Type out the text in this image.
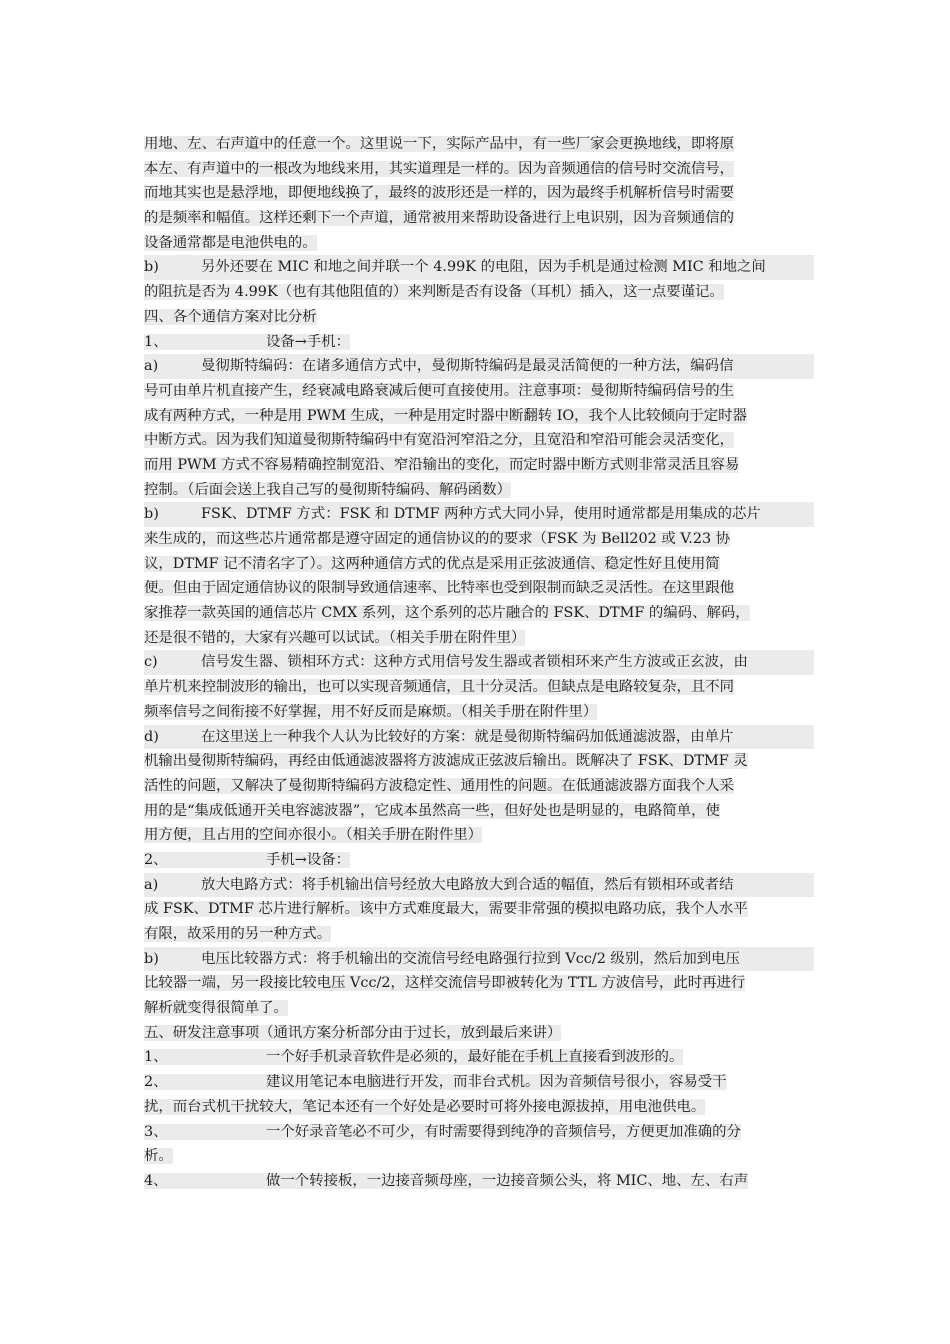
用地、左、右声道中的任意一个。这里说一下，实际产品中，有一些厂家会更换地线，即将原
本左、有声道中的一根改为地线来用，其实道理是一样的。因为音频通信的信号时交流信号，
而地其实也是悬浮地，即便地线换了，最终的波形还是一样的，因为最终手机解析信号时需要
的是频率和幅值。这样还剩下一个声道，通常被用来帮助设备进行上电识别，因为音频通信的
设备通常都是电池供电的。
b)	另外还要在 MIC 和地之间并联一个 4.99K 的电阻，因为手机是通过检测 MIC 和地之间
的阻抗是否为 4.99K（也有其他阻值的）来判断是否有设备（耳机）插入，这一点要谨记。
四、各个通信方案对比分析
1、	设备→手机：
a)	曼彻斯特编码：在诸多通信方式中，曼彻斯特编码是最灵活简便的一种方法，编码信
号可由单片机直接产生，经衰减电路衰减后便可直接使用。注意事项：曼彻斯特编码信号的生
成有两种方式，一种是用 PWM 生成，一种是用定时器中断翻转 IO，我个人比较倾向于定时器
中断方式。因为我们知道曼彻斯特编码中有宽沿河窄沿之分，且宽沿和窄沿可能会灵活变化，
而用 PWM 方式不容易精确控制宽沿、窄沿输出的变化，而定时器中断方式则非常灵活且容易
控制。（后面会送上我自己写的曼彻斯特编码、解码函数）
b)	FSK、DTMF 方式：FSK 和 DTMF 两种方式大同小异，使用时通常都是用集成的芯片
来生成的，而这些芯片通常都是遵守固定的通信协议的的要求（FSK 为 Bell202 或 V.23 协
议，DTMF 记不清名字了）。这两种通信方式的优点是采用正弦波通信、稳定性好且使用简
便。但由于固定通信协议的限制导致通信速率、比特率也受到限制而缺乏灵活性。在这里跟他
家推荐一款英国的通信芯片 CMX 系列，这个系列的芯片融合的 FSK、DTMF 的编码、解码，
还是很不错的，大家有兴趣可以试试。（相关手册在附件里）
c)	信号发生器、锁相环方式：这种方式用信号发生器或者锁相环来产生方波或正玄波，由
单片机来控制波形的输出，也可以实现音频通信，且十分灵活。但缺点是电路较复杂，且不同
频率信号之间衔接不好掌握，用不好反而是麻烦。（相关手册在附件里）
d)	在这里送上一种我个人认为比较好的方案：就是曼彻斯特编码加低通滤波器，由单片
机输出曼彻斯特编码，再经由低通滤波器将方波滤成正弦波后输出。既解决了 FSK、DTMF 灵
活性的问题，又解决了曼彻斯特编码方波稳定性、通用性的问题。在低通滤波器方面我个人采
用的是“集成低通开关电容滤波器”，它成本虽然高一些，但好处也是明显的，电路简单，使
用方便，且占用的空间亦很小。（相关手册在附件里）
2、	手机→设备：
a)	放大电路方式：将手机输出信号经放大电路放大到合适的幅值，然后有锁相环或者结
成 FSK、DTMF 芯片进行解析。该中方式难度最大，需要非常强的模拟电路功底，我个人水平
有限，故采用的另一种方式。
b)	电压比较器方式：将手机输出的交流信号经电路强行拉到 Vcc/2 级别，然后加到电压
比较器一端，另一段接比较电压 Vcc/2，这样交流信号即被转化为 TTL 方波信号，此时再进行
解析就变得很简单了。
五、研发注意事项（通讯方案分析部分由于过长，放到最后来讲）
1、	一个好手机录音软件是必须的，最好能在手机上直接看到波形的。
2、	建议用笔记本电脑进行开发，而非台式机。因为音频信号很小，容易受干
扰，而台式机干扰较大，笔记本还有一个好处是必要时可将外接电源拔掉，用电池供电。
3、	一个好录音笔必不可少，有时需要得到纯净的音频信号，方便更加准确的分
析。
4、	做一个转接板，一边接音频母座，一边接音频公头，将 MIC、地、左、右声
